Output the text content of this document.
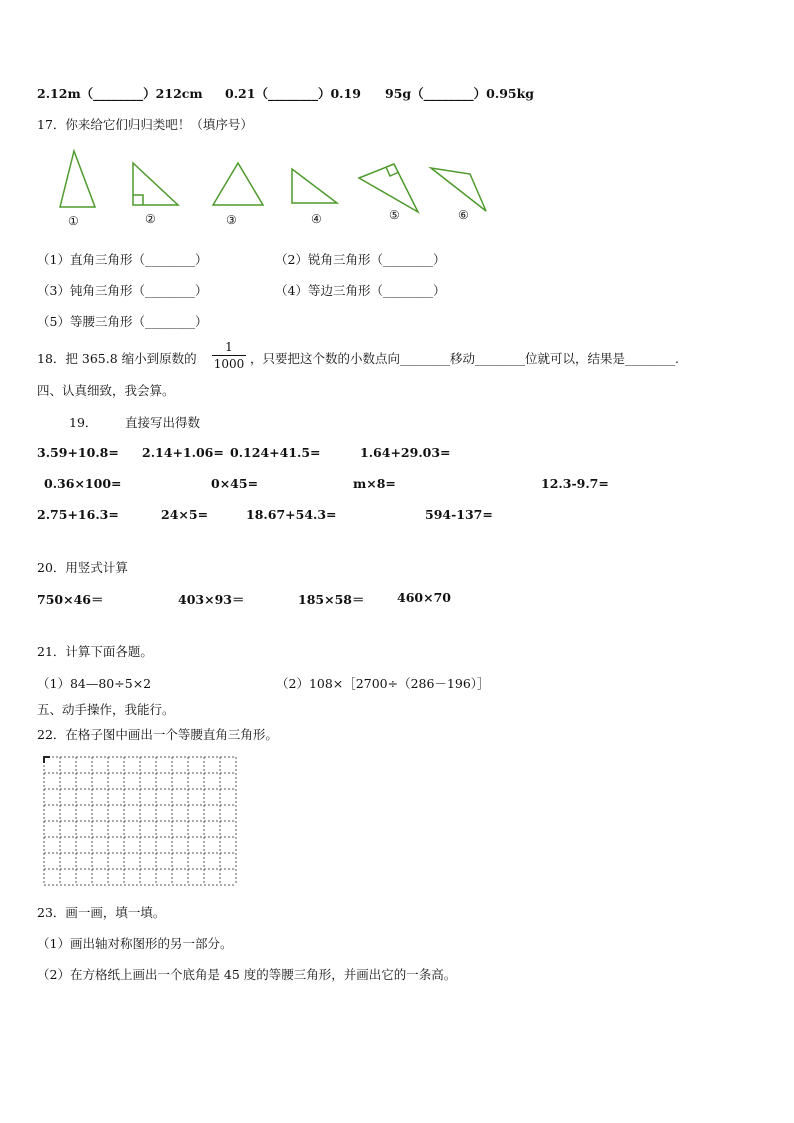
2.12m（________）212cm 0.21（________）0.19 95g（________）0.95kg
17．你来给它们归归类吧！（填序号）
①	②	③	④	⑤	⑥
（1）直角三角形（________）	（2）锐角三角形（________）
（3）钝角三角形（________）	（4）等边三角形（________）
（5）等腰三角形（________）
18．把 365.8 缩小到原数的
1
1000 ，只要把这个数的小数点向________移动________位就可以，结果是________.
四、认真细致，我会算。
19． 直接写出得数
3.59+10.8= 2.14+1.06= 0.124+41.5=	1.64+29.03=
0.36×100=	0×45=	m×8=	12.3-9.7=
2.75+16.3=	24×5=	18.67+54.3=	594-137=
20．用竖式计算
750×46＝	403×93＝	185×58＝	460×70
21．计算下面各题。
（1）84—80÷5×2	（2）108×［2700÷（286－196）］
五、动手操作，我能行。
22．在格子图中画出一个等腰直角三角形。
23．画一画，填一填。
（1）画出轴对称图形的另一部分。
（2）在方格纸上画出一个底角是 45 度的等腰三角形，并画出它的一条高。
